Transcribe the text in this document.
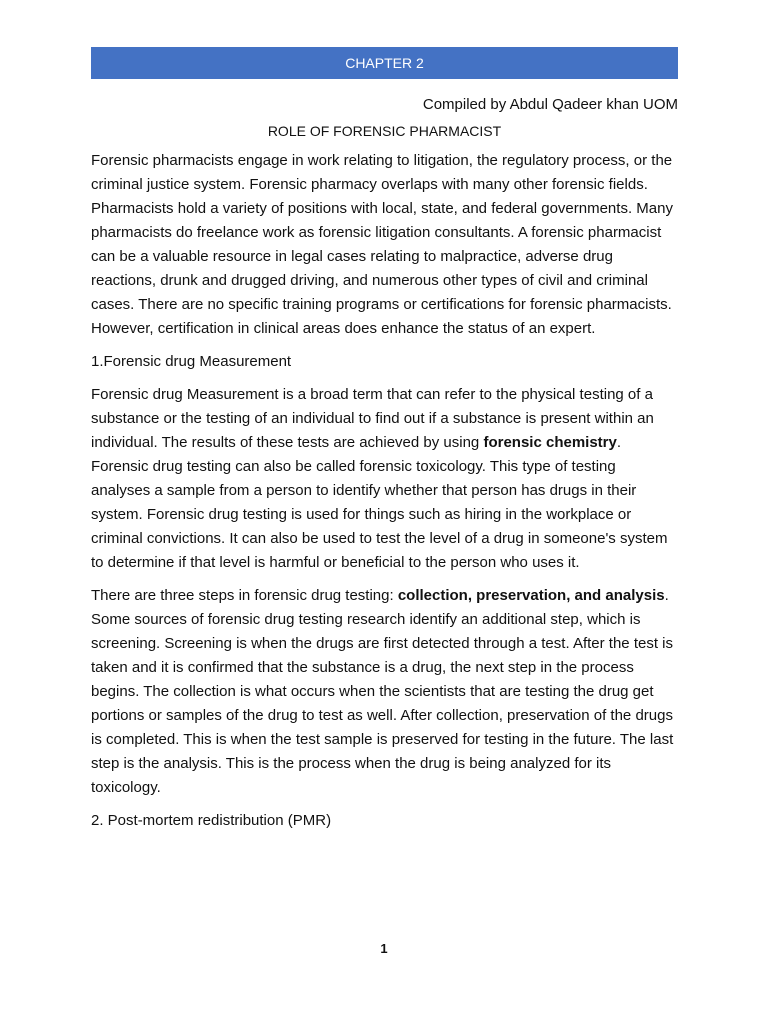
CHAPTER 2
Compiled by Abdul Qadeer khan UOM
ROLE OF FORENSIC PHARMACIST

Forensic pharmacists engage in work relating to litigation, the regulatory process, or the criminal justice system. Forensic pharmacy overlaps with many other forensic fields. Pharmacists hold a variety of positions with local, state, and federal governments. Many pharmacists do freelance work as forensic litigation consultants. A forensic pharmacist can be a valuable resource in legal cases relating to malpractice, adverse drug reactions, drunk and drugged driving, and numerous other types of civil and criminal cases. There are no specific training programs or certifications for forensic pharmacists. However, certification in clinical areas does enhance the status of an expert.

1.Forensic drug Measurement

Forensic drug Measurement is a broad term that can refer to the physical testing of a substance or the testing of an individual to find out if a substance is present within an individual. The results of these tests are achieved by using forensic chemistry. Forensic drug testing can also be called forensic toxicology. This type of testing analyses a sample from a person to identify whether that person has drugs in their system. Forensic drug testing is used for things such as hiring in the workplace or criminal convictions. It can also be used to test the level of a drug in someone's system to determine if that level is harmful or beneficial to the person who uses it.

There are three steps in forensic drug testing: collection, preservation, and analysis. Some sources of forensic drug testing research identify an additional step, which is screening. Screening is when the drugs are first detected through a test. After the test is taken and it is confirmed that the substance is a drug, the next step in the process begins. The collection is what occurs when the scientists that are testing the drug get portions or samples of the drug to test as well. After collection, preservation of the drugs is completed. This is when the test sample is preserved for testing in the future. The last step is the analysis. This is the process when the drug is being analyzed for its toxicology.

2. Post-mortem redistribution (PMR)
1
